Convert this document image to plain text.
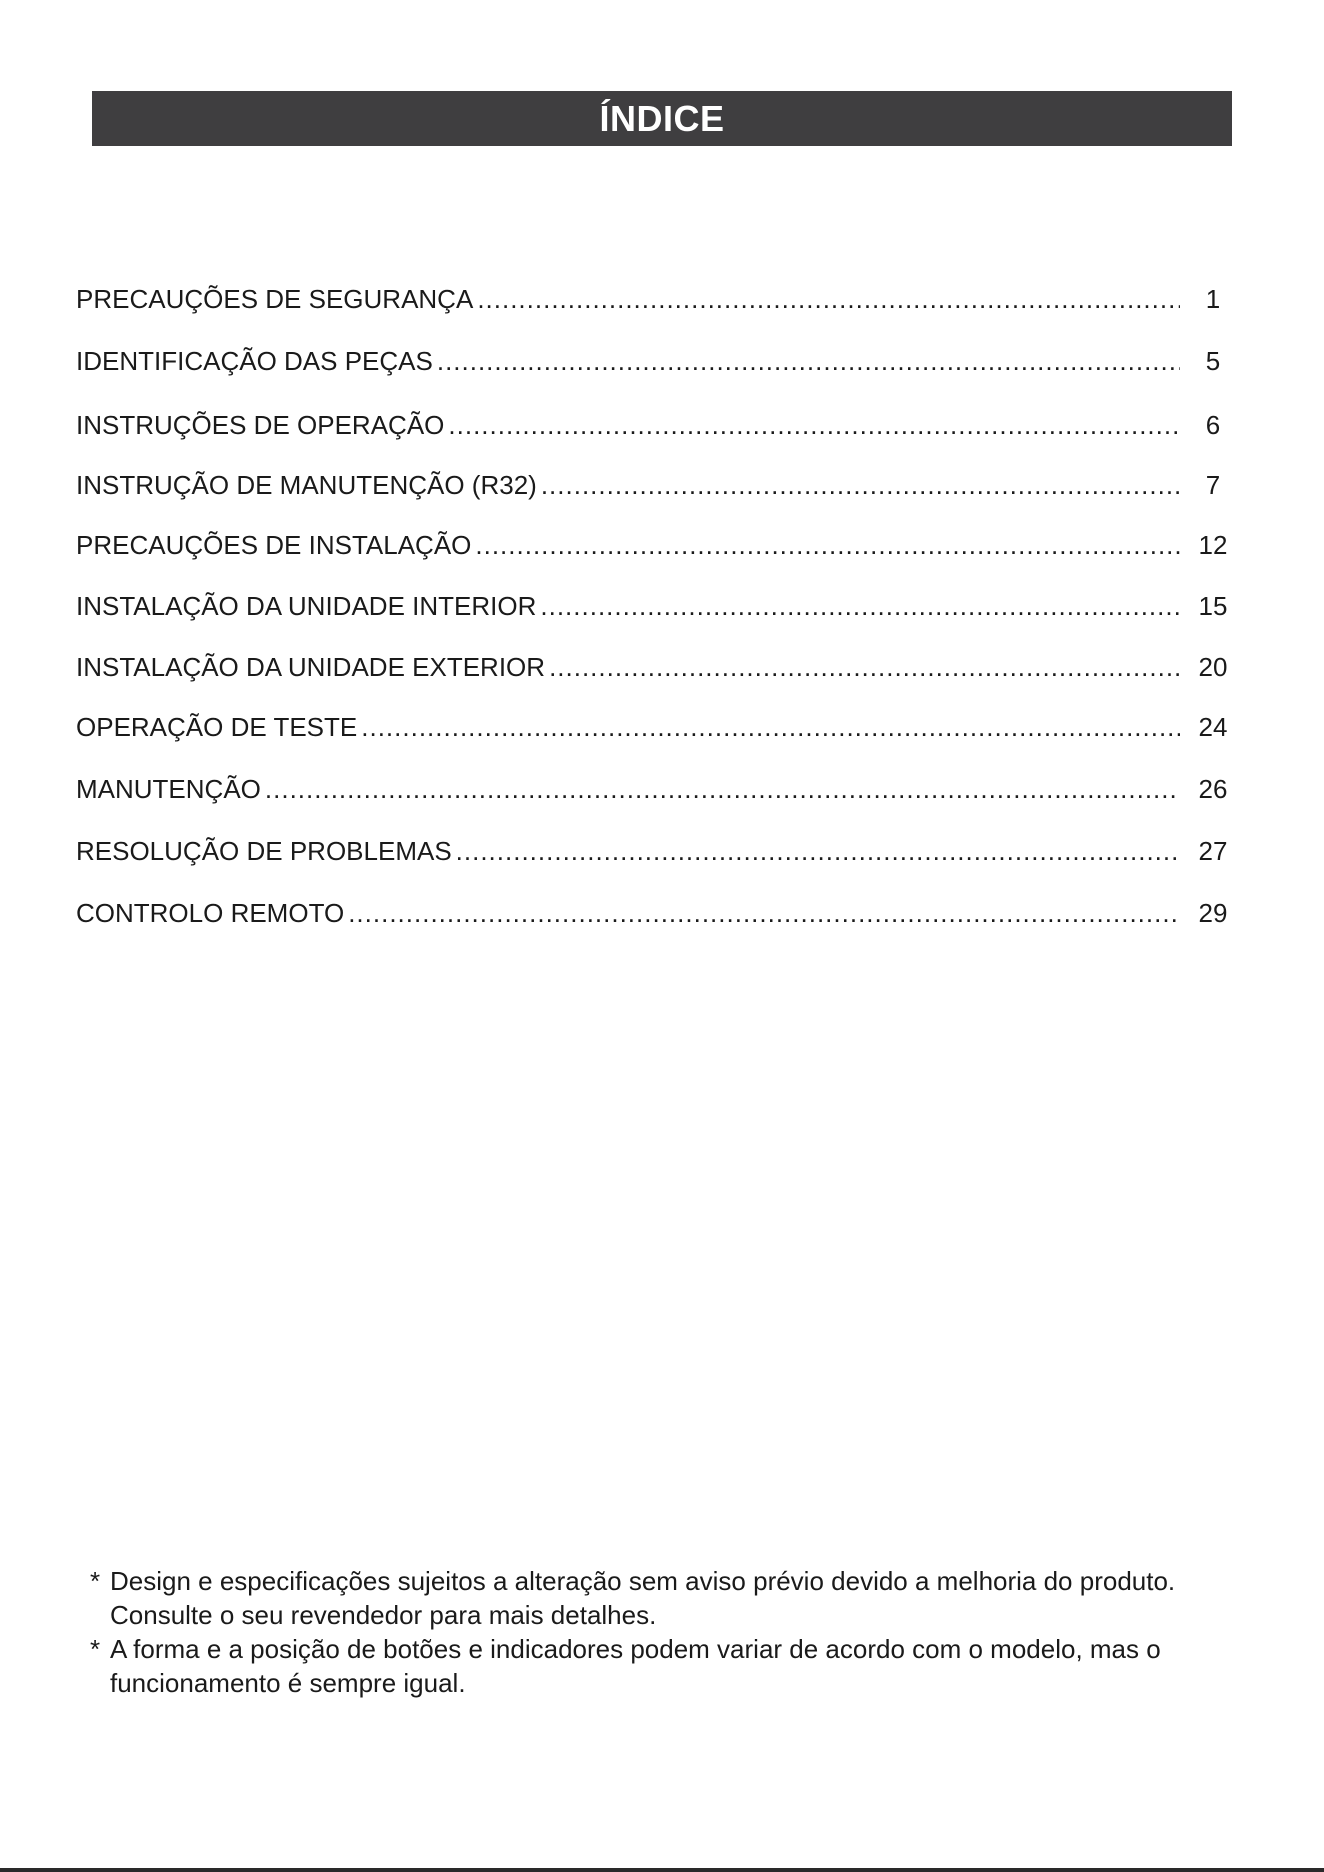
ÍNDICE
PRECAUÇÕES DE SEGURANÇA .....	1
IDENTIFICAÇÃO DAS PEÇAS .....	5
INSTRUÇÕES DE OPERAÇÃO .....	6
INSTRUÇÃO DE MANUTENÇÃO (R32) .....	7
PRECAUÇÕES DE INSTALAÇÃO .....	12
INSTALAÇÃO DA UNIDADE INTERIOR .....	15
INSTALAÇÃO DA UNIDADE EXTERIOR .....	20
OPERAÇÃO DE TESTE .....	24
MANUTENÇÃO .....	26
RESOLUÇÃO DE PROBLEMAS .....	27
CONTROLO REMOTO .....	29
* Design e especificações sujeitos a alteração sem aviso prévio devido a melhoria do produto. Consulte o seu revendedor para mais detalhes.
* A forma e a posição de botões e indicadores podem variar de acordo com o modelo, mas o funcionamento é sempre igual.
